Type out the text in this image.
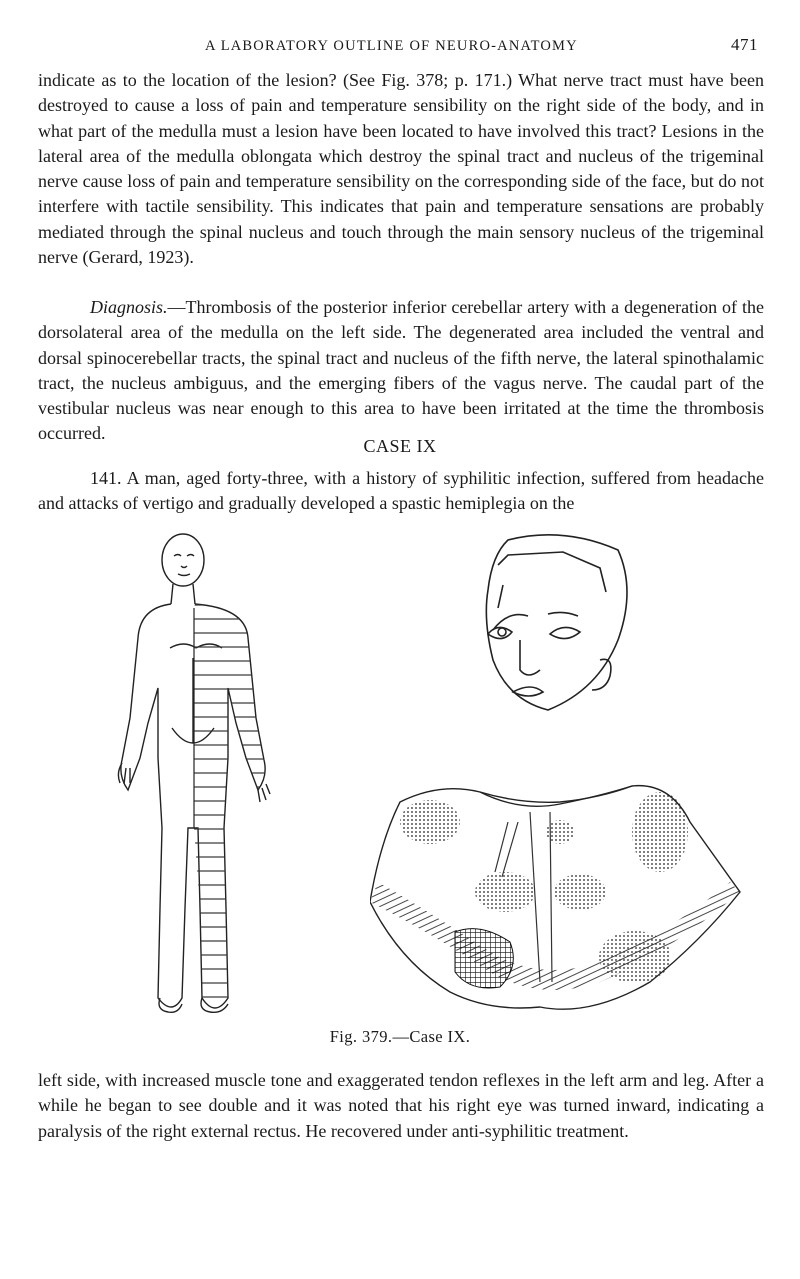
A LABORATORY OUTLINE OF NEURO-ANATOMY	471

indicate as to the location of the lesion? (See Fig. 378; p. 171.) What nerve tract must have been destroyed to cause a loss of pain and temperature sensibility on the right side of the body, and in what part of the medulla must a lesion have been located to have involved this tract? Lesions in the lateral area of the medulla oblongata which destroy the spinal tract and nucleus of the trigeminal nerve cause loss of pain and temperature sensibility on the corresponding side of the face, but do not interfere with tactile sensibility. This indicates that pain and temperature sensations are probably mediated through the spinal nucleus and touch through the main sensory nucleus of the trigeminal nerve (Gerard, 1923).

Diagnosis.—Thrombosis of the posterior inferior cerebellar artery with a degeneration of the dorsolateral area of the medulla on the left side. The degenerated area included the ventral and dorsal spinocerebellar tracts, the spinal tract and nucleus of the fifth nerve, the lateral spinothalamic tract, the nucleus ambiguus, and the emerging fibers of the vagus nerve. The caudal part of the vestibular nucleus was near enough to this area to have been irritated at the time the thrombosis occurred.

CASE IX

141. A man, aged forty-three, with a history of syphilitic infection, suffered from headache and attacks of vertigo and gradually developed a spastic hemiplegia on the

Fig. 379.—Case IX.

left side, with increased muscle tone and exaggerated tendon reflexes in the left arm and leg. After a while he began to see double and it was noted that his right eye was turned inward, indicating a paralysis of the right external rectus. He recovered under anti-syphilitic treatment.
